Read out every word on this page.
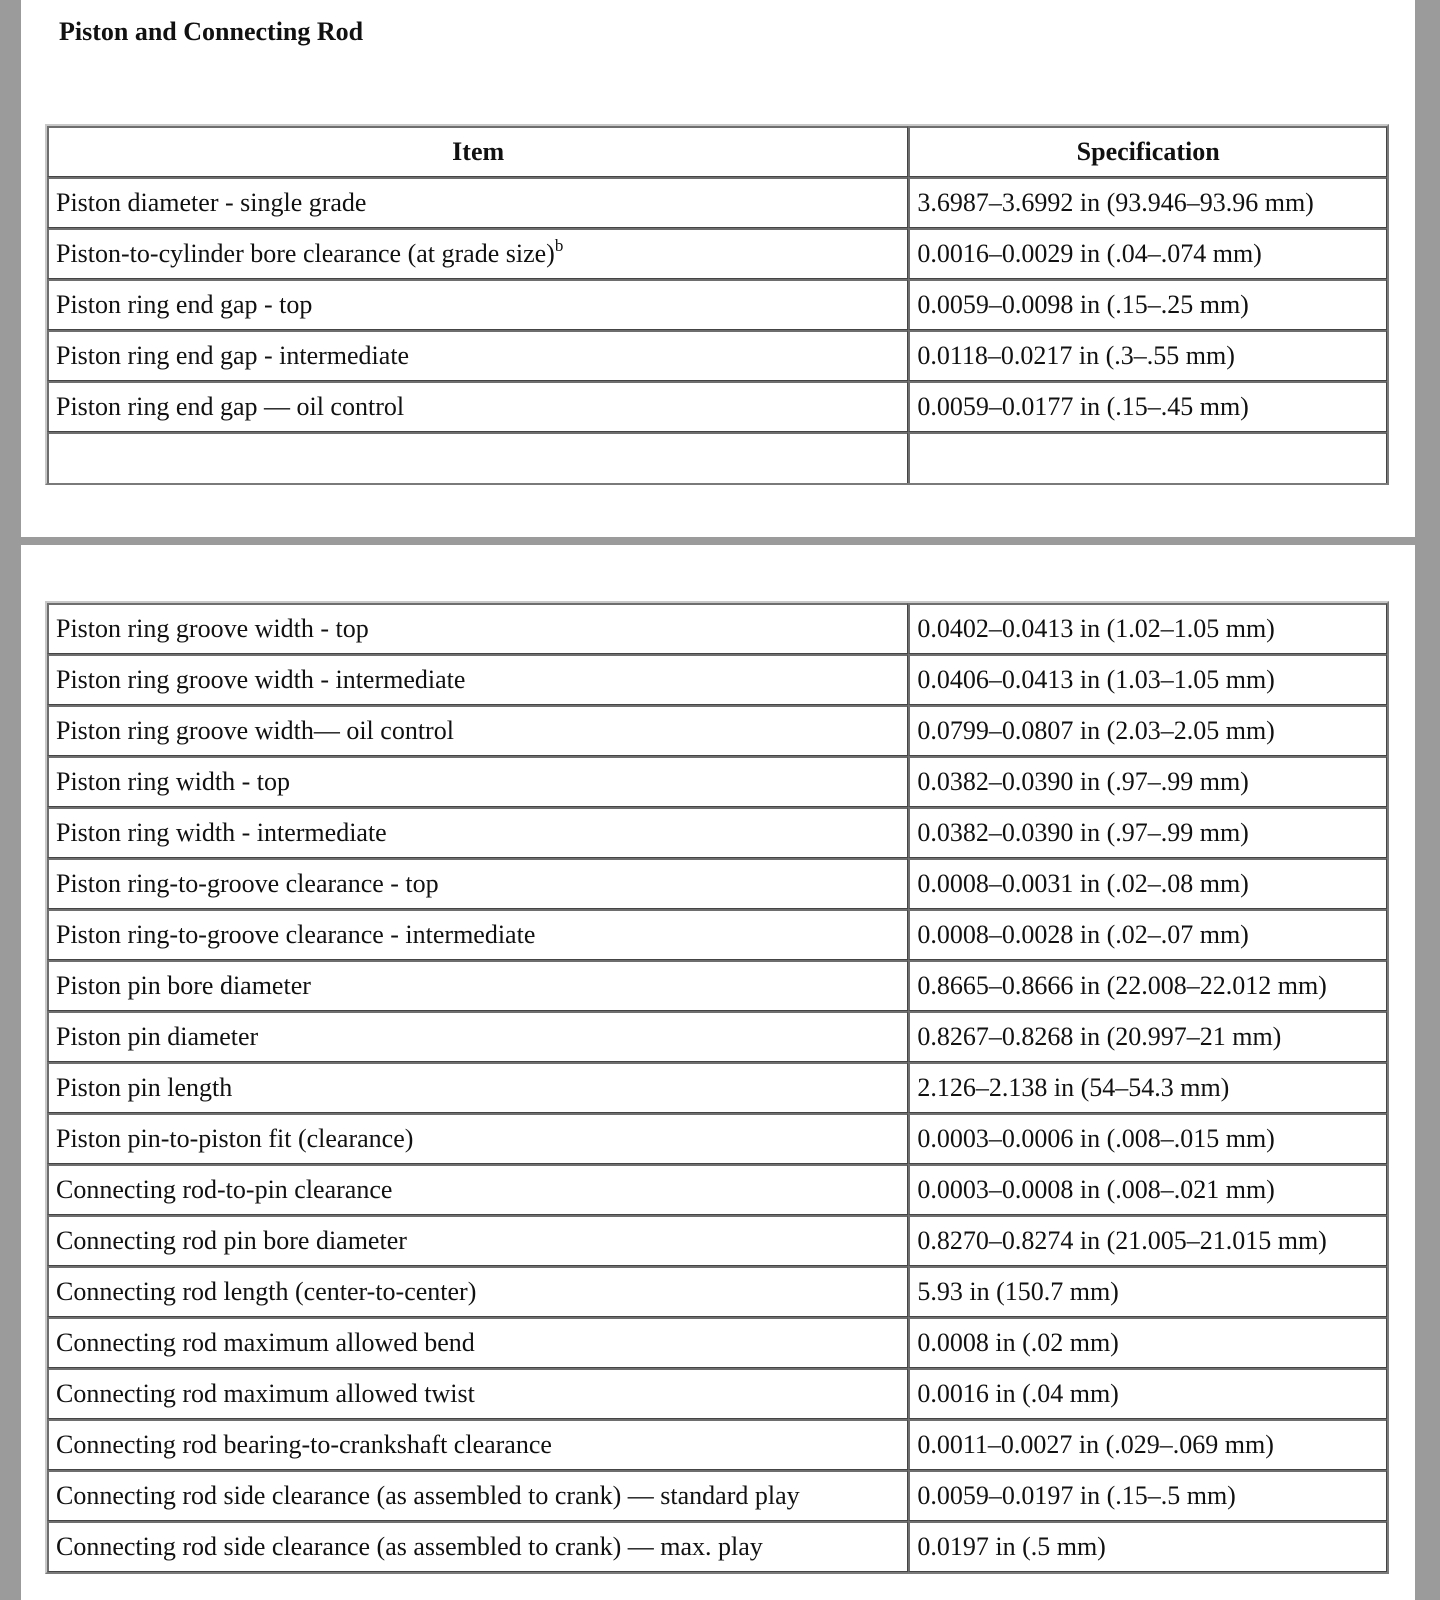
Piston and Connecting Rod
Item	Specification
Piston diameter - single grade	3.6987–3.6992 in (93.946–93.96 mm)
Piston-to-cylinder bore clearance (at grade size)$^b$	0.0016–0.0029 in (.04–.074 mm)
Piston ring end gap - top	0.0059–0.0098 in (.15–.25 mm)
Piston ring end gap - intermediate	0.0118–0.0217 in (.3–.55 mm)
Piston ring end gap — oil control	0.0059–0.0177 in (.15–.45 mm)

Piston ring groove width - top	0.0402–0.0413 in (1.02–1.05 mm)
Piston ring groove width - intermediate	0.0406–0.0413 in (1.03–1.05 mm)
Piston ring groove width— oil control	0.0799–0.0807 in (2.03–2.05 mm)
Piston ring width - top	0.0382–0.0390 in (.97–.99 mm)
Piston ring width - intermediate	0.0382–0.0390 in (.97–.99 mm)
Piston ring-to-groove clearance - top	0.0008–0.0031 in (.02–.08 mm)
Piston ring-to-groove clearance - intermediate	0.0008–0.0028 in (.02–.07 mm)
Piston pin bore diameter	0.8665–0.8666 in (22.008–22.012 mm)
Piston pin diameter	0.8267–0.8268 in (20.997–21 mm)
Piston pin length	2.126–2.138 in (54–54.3 mm)
Piston pin-to-piston fit (clearance)	0.0003–0.0006 in (.008–.015 mm)
Connecting rod-to-pin clearance	0.0003–0.0008 in (.008–.021 mm)
Connecting rod pin bore diameter	0.8270–0.8274 in (21.005–21.015 mm)
Connecting rod length (center-to-center)	5.93 in (150.7 mm)
Connecting rod maximum allowed bend	0.0008 in (.02 mm)
Connecting rod maximum allowed twist	0.0016 in (.04 mm)
Connecting rod bearing-to-crankshaft clearance	0.0011–0.0027 in (.029–.069 mm)
Connecting rod side clearance (as assembled to crank) — standard play	0.0059–0.0197 in (.15–.5 mm)
Connecting rod side clearance (as assembled to crank) — max. play	0.0197 in (.5 mm)
